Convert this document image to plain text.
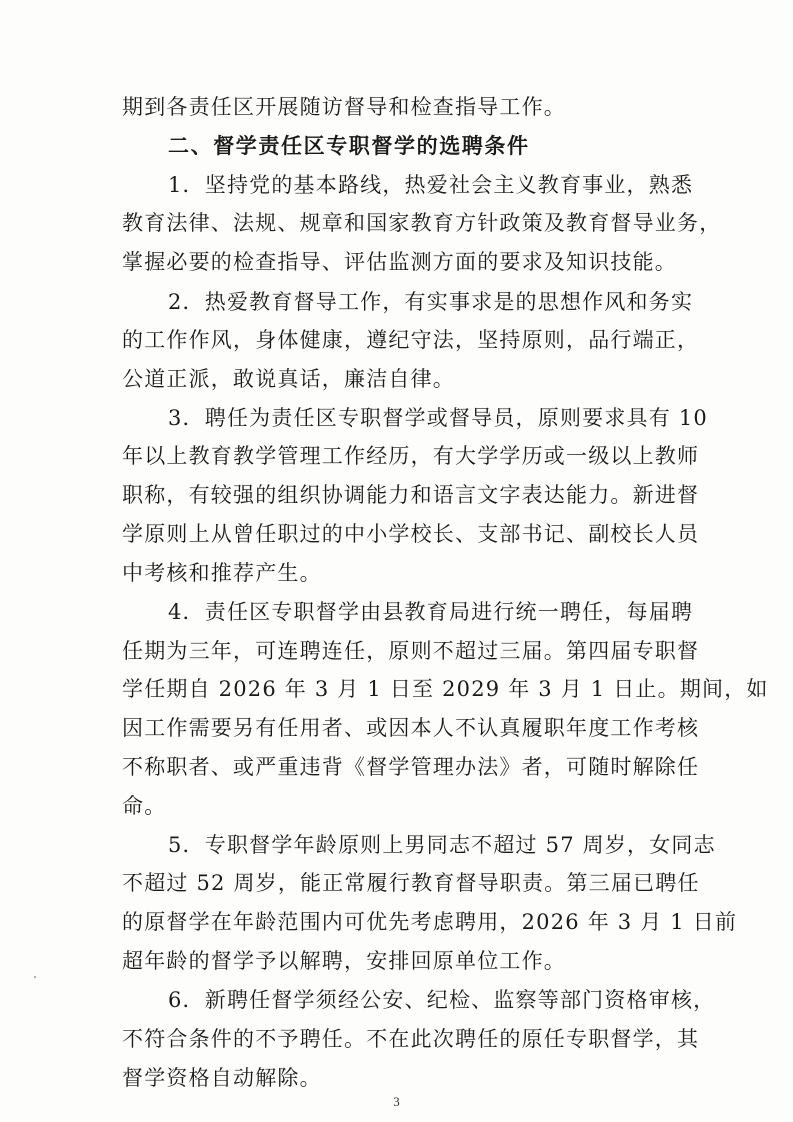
期到各责任区开展随访督导和检查指导工作。
二、督学责任区专职督学的选聘条件
1．坚持党的基本路线，热爱社会主义教育事业，熟悉
教育法律、法规、规章和国家教育方针政策及教育督导业务，
掌握必要的检查指导、评估监测方面的要求及知识技能。
2．热爱教育督导工作，有实事求是的思想作风和务实
的工作作风，身体健康，遵纪守法，坚持原则，品行端正，
公道正派，敢说真话，廉洁自律。
3．聘任为责任区专职督学或督导员，原则要求具有 10
年以上教育教学管理工作经历，有大学学历或一级以上教师
职称，有较强的组织协调能力和语言文字表达能力。新进督
学原则上从曾任职过的中小学校长、支部书记、副校长人员
中考核和推荐产生。
4．责任区专职督学由县教育局进行统一聘任，每届聘
任期为三年，可连聘连任，原则不超过三届。第四届专职督
学任期自 2026 年 3 月 1 日至 2029 年 3 月 1 日止。期间，如
因工作需要另有任用者、或因本人不认真履职年度工作考核
不称职者、或严重违背《督学管理办法》者，可随时解除任
命。
5．专职督学年龄原则上男同志不超过 57 周岁，女同志
不超过 52 周岁，能正常履行教育督导职责。第三届已聘任
的原督学在年龄范围内可优先考虑聘用，2026 年 3 月 1 日前
超年龄的督学予以解聘，安排回原单位工作。
6．新聘任督学须经公安、纪检、监察等部门资格审核，
不符合条件的不予聘任。不在此次聘任的原任专职督学，其
督学资格自动解除。
3
